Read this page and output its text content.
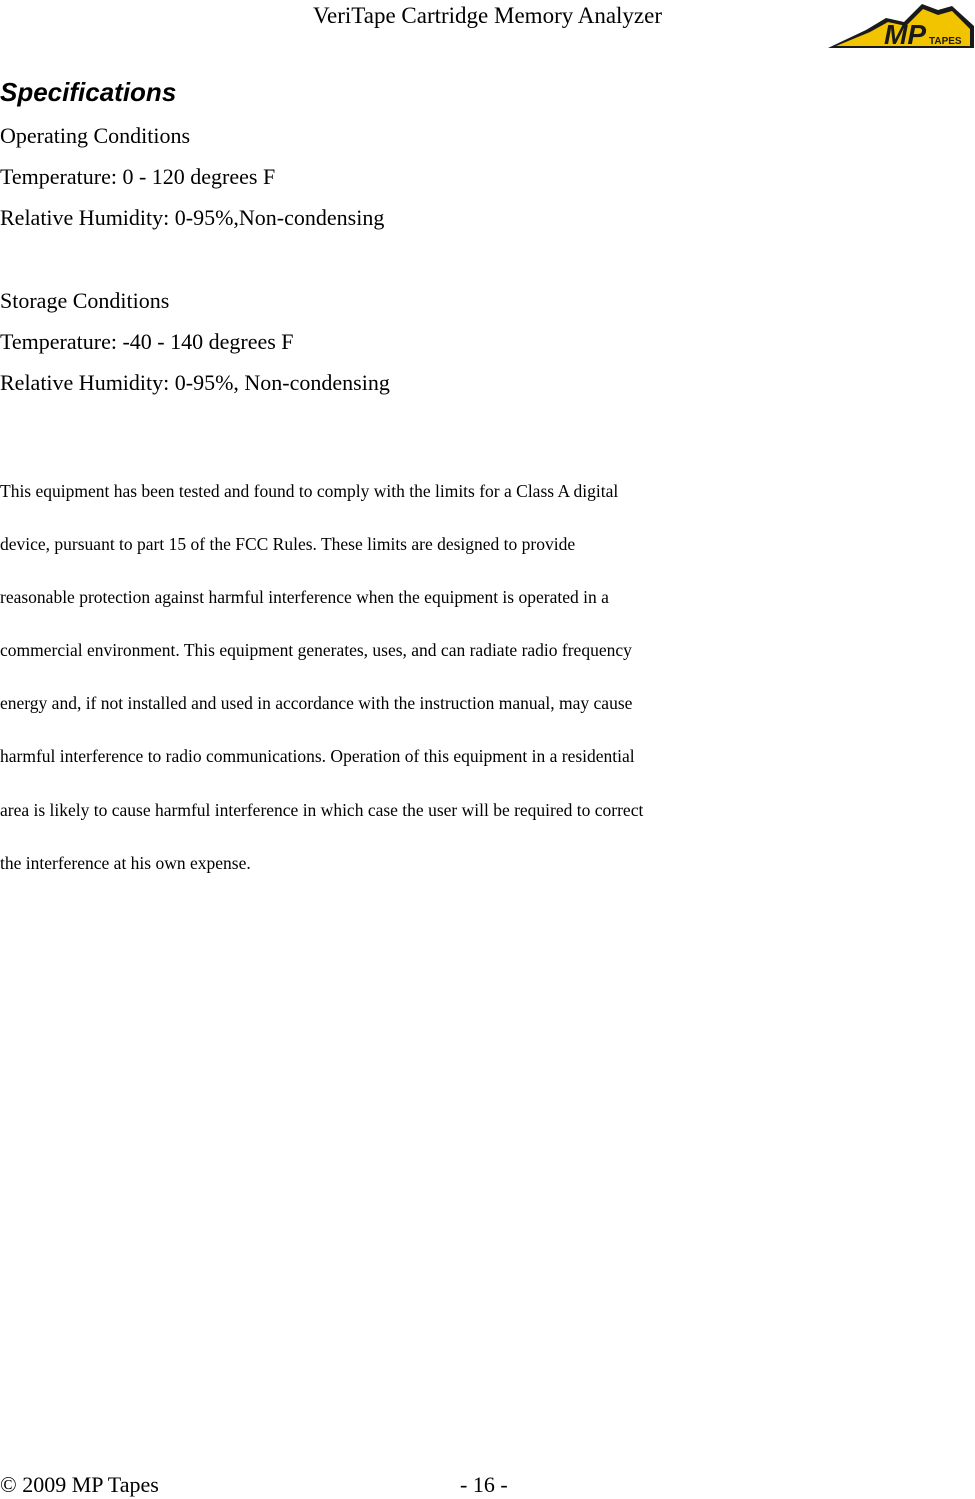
VeriTape Cartridge Memory Analyzer
MP TAPES
Specifications

Operating Conditions

Temperature: 0 - 120 degrees F

Relative Humidity: 0-95%,Non-condensing

Storage Conditions

Temperature: -40 - 140 degrees F

Relative Humidity: 0-95%, Non-condensing

This equipment has been tested and found to comply with the limits for a Class A digital
device, pursuant to part 15 of the FCC Rules. These limits are designed to provide
reasonable protection against harmful interference when the equipment is operated in a
commercial environment. This equipment generates, uses, and can radiate radio frequency
energy and, if not installed and used in accordance with the instruction manual, may cause
harmful interference to radio communications. Operation of this equipment in a residential
area is likely to cause harmful interference in which case the user will be required to correct
the interference at his own expense.
© 2009 MP Tapes	- 16 -
